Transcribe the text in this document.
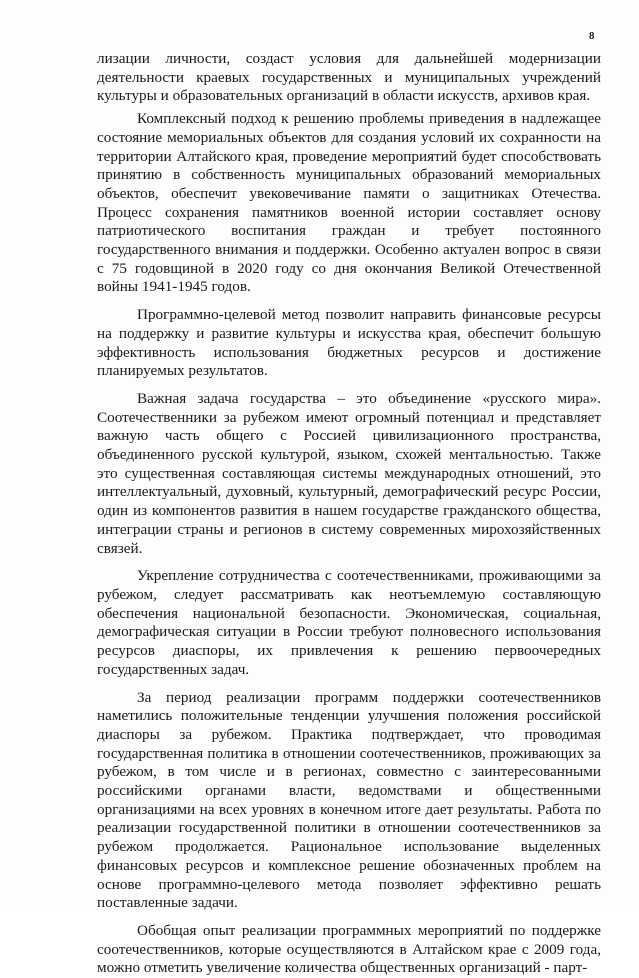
8

лизации личности, создаст условия для дальнейшей модернизации деятельности краевых государственных и муниципальных учреждений культуры и образовательных организаций в области искусств, архивов края.

Комплексный подход к решению проблемы приведения в надлежащее состояние мемориальных объектов для создания условий их сохранности на территории Алтайского края, проведение мероприятий будет способствовать принятию в собственность муниципальных образований мемориальных объектов, обеспечит увековечивание памяти о защитниках Отечества. Процесс сохранения памятников военной истории составляет основу патриотического воспитания граждан и требует постоянного государственного внимания и поддержки. Особенно актуален вопрос в связи с 75 годовщиной в 2020 году со дня окончания Великой Отечественной войны 1941-1945 годов.

Программно-целевой метод позволит направить финансовые ресурсы на поддержку и развитие культуры и искусства края, обеспечит большую эффективность использования бюджетных ресурсов и достижение планируемых результатов.

Важная задача государства – это объединение «русского мира». Соотечественники за рубежом имеют огромный потенциал и представляет важную часть общего с Россией цивилизационного пространства, объединенного русской культурой, языком, схожей ментальностью. Также это существенная составляющая системы международных отношений, это интеллектуальный, духовный, культурный, демографический ресурс России, один из компонентов развития в нашем государстве гражданского общества, интеграции страны и регионов в систему современных мирохозяйственных связей.

Укрепление сотрудничества с соотечественниками, проживающими за рубежом, следует рассматривать как неотъемлемую составляющую обеспечения национальной безопасности. Экономическая, социальная, демографическая ситуации в России требуют полновесного использования ресурсов диаспоры, их привлечения к решению первоочередных государственных задач.

За период реализации программ поддержки соотечественников наметились положительные тенденции улучшения положения российской диаспоры за рубежом. Практика подтверждает, что проводимая государственная политика в отношении соотечественников, проживающих за рубежом, в том числе и в регионах, совместно с заинтересованными российскими органами власти, ведомствами и общественными организациями на всех уровнях в конечном итоге дает результаты. Работа по реализации государственной политики в отношении соотечественников за рубежом продолжается. Рациональное использование выделенных финансовых ресурсов и комплексное решение обозначенных проблем на основе программно-целевого метода позволяет эффективно решать поставленные задачи.

Обобщая опыт реализации программных мероприятий по поддержке соотечественников, которые осуществляются в Алтайском крае с 2009 года, можно отметить увеличение количества общественных организаций - парт-
